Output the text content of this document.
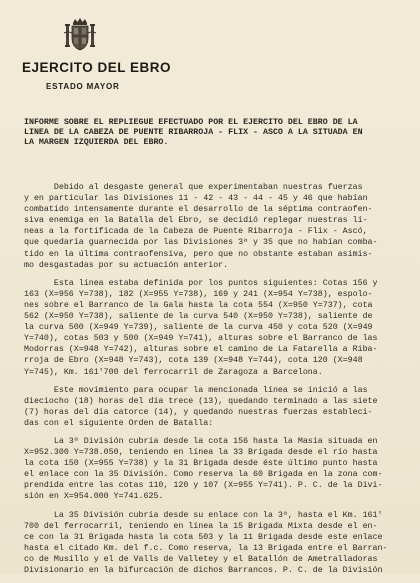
EJERCITO DEL EBRO
ESTADO MAYOR
INFORME SOBRE EL REPLIEGUE EFECTUADO POR EL EJERCITO DEL EBRO DE LA
LINEA DE LA CABEZA DE PUENTE RIBARROJA - FLIX - ASCO A LA SITUADA EN
LA MARGEN IZQUIERDA DEL EBRO.
Debido al desgaste general que experimentaban nuestras fuerzas
y en particular las Divisiones 11 - 42 - 43 - 44 - 45 y 46 que habían
combatido intensamente durante el desarrollo de la séptima contraofen-
siva enemiga en la Batalla del Ebro, se decidió replegar nuestras lí-
neas a la fortificada de la Cabeza de Puente Ribarroja - Flix - Ascó,
que quedaría guarnecida por las Divisiones 3ª y 35 que no habían comba-
tido en la última contraofensiva, pero que no obstante estaban asimis-
mo desgastadas por su actuación anterior.
Esta línea estaba definida por los puntos siguientes: Cotas 156 y
163 (X=956 Y=738), 182 (X=955 Y=738), 169 y 241 (X=954 Y=738), espolo-
nes sobre el Barranco de la Gala hasta la cota 554 (X=950 Y=737), cota
562 (X=950 Y=738), saliente de la curva 540 (X=950 Y=738), saliente de
la curva 500 (X=949 Y=739), saliente de la curva 450 y cota 520 (X=949
Y=740), cotas 503 y 500 (X=949 Y=741), alturas sobre el Barranco de las
Modorras (X=948 Y=742), alturas sobre el camino de La Fatarella a Riba-
rroja de Ebro (X=948 Y=743), cota 139 (X=948 Y=744), cota 120 (X=948
Y=745), Km. 161'700 del ferrocarril de Zaragoza a Barcelona.
Este movimiento para ocupar la mencionada línea se inició a las
dieciocho (18) horas del día trece (13), quedando terminado a las siete
(7) horas del día catorce (14), y quedando nuestras fuerzas estableci-
das con el siguiente Orden de Batalla:
La 3ª División cubría desde la cota 156 hasta la Masía situada en
X=952.300 Y=738.050, teniendo en línea la 33 Brigada desde el río hasta
la cota 150 (X=955 Y=738) y la 31 Brigada desde éste último punto hasta
el enlace con la 35 División. Como reserva la 60 Brigada en la zona com-
prendida entre las cotas 110, 120 y 107 (X=955 Y=741). P. C. de la Divi-
sión en X=954.000 Y=741.625.
La 35 División cubría desde su enlace con la 3ª, hasta el Km. 161'
700 del ferrocarril, teniendo en línea la 15 Brigada Mixta desde el en-
ce con la 31 Brigada hasta la cota 503 y la 11 Brigada desde este enlace
hasta el citado Km. del f.c. Como reserva, la 13 Brigada entre el Barran-
co de Musillo y el de Valls de Valletey y el Batallón de Ametralladoras
Divisionario en la bifurcación de dichos Barrancos. P. C. de la División
